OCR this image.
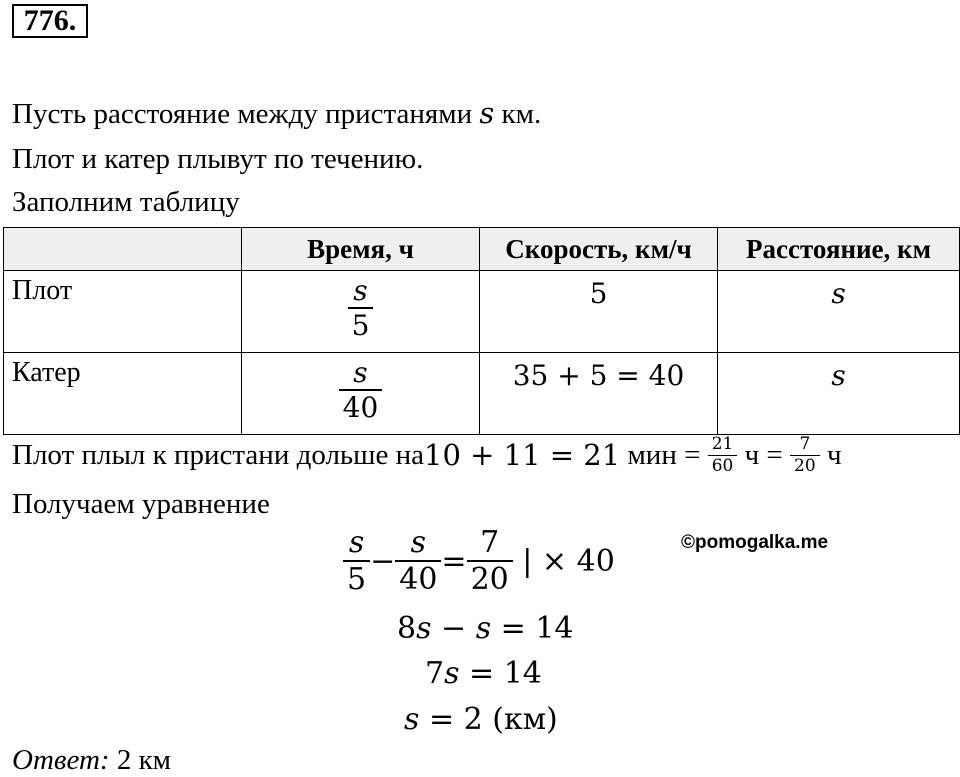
776.
Пусть расстояние между пристанями s км.
Плот и катер плывут по течению.
Заполним таблицу
	Время, ч	Скорость, км/ч	Расстояние, км
Плот	$\frac{s}{5}$	5	s
Катер	$\frac{s}{40}$	35 + 5 = 40	s
Плот плыл к пристани дольше на 10 + 11 = 21 мин = $\frac{21}{60}$ $ч = \frac{7}{20}$ ч
Получаем уравнение
$\frac{s}{5} - \frac{s}{40} = \frac{7}{20}$ | × 40
©pomogalka.me
8s − s = 14
7s = 14
s = 2 (км)
Ответ: 2 км
